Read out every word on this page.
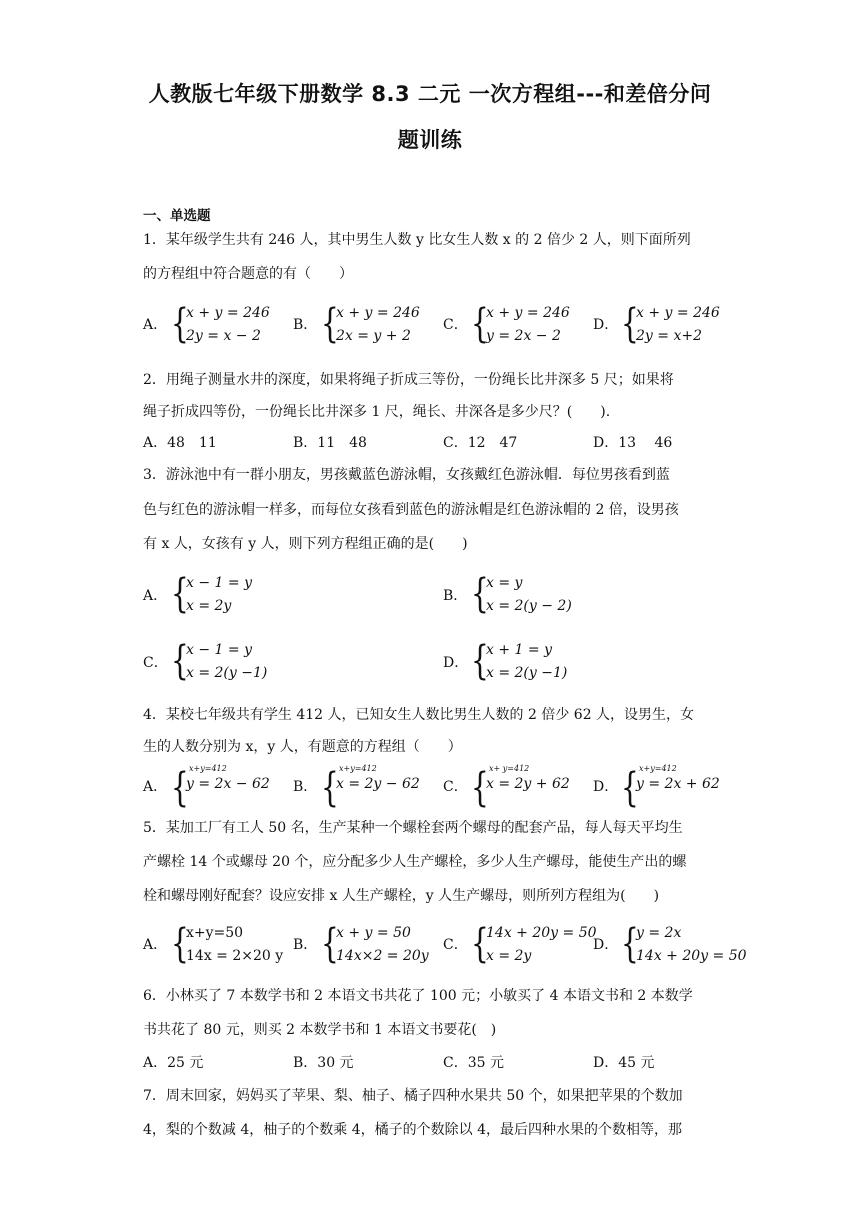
人教版七年级下册数学 8.3 二元 一次方程组---和差倍分问
题训练
一、单选题
1．某年级学生共有 246 人，其中男生人数 y 比女生人数 x 的 2 倍少 2 人，则下面所列
的方程组中符合题意的有（　　）
A． {
x + y = 246
2y = x − 2
B． {
x + y = 246
2x = y + 2
C． {
x + y = 246
y = 2x − 2
D． {
x + y = 246
2y = x+2
2．用绳子测量水井的深度，如果将绳子折成三等份，一份绳长比井深多 5 尺；如果将
绳子折成四等份，一份绳长比井深多 1 尺，绳长、井深各是多少尺？(　　).
A．48　11	B．11　48	C．12　47	D．13　 46
3．游泳池中有一群小朋友，男孩戴蓝色游泳帽，女孩戴红色游泳帽．每位男孩看到蓝
色与红色的游泳帽一样多，而每位女孩看到蓝色的游泳帽是红色游泳帽的 2 倍，设男孩
有 x 人，女孩有 y 人，则下列方程组正确的是(　　)
A． {
x − 1 = y
x = 2y
B． {
x = y
x = 2(y − 2)
C． {
x − 1 = y
x = 2(y −1)
D． {
x + 1 = y
x = 2(y −1)
4．某校七年级共有学生 412 人，已知女生人数比男生人数的 2 倍少 62 人，设男生，女
生的人数分别为 x，y 人，有题意的方程组（　　）
A． { x+y=412
y = 2x − 62 B． { x+y=412
x = 2y − 62 C． { x+ y=412
x = 2y + 62 D． { x+y=412
y = 2x + 62
5．某加工厂有工人 50 名，生产某种一个螺栓套两个螺母的配套产品，每人每天平均生
产螺栓 14 个或螺母 20 个，应分配多少人生产螺栓，多少人生产螺母，能使生产出的螺
栓和螺母刚好配套？设应安排 x 人生产螺栓，y 人生产螺母，则所列方程组为(　　)
A． {
x+y=50
14x = 2×20 y
B． {
x + y = 50
14x×2 = 20y
C． {
14x + 20y = 50
x = 2y
D． {
y = 2x
14x + 20y = 50
6．小林买了 7 本数学书和 2 本语文书共花了 100 元；小敏买了 4 本语文书和 2 本数学
书共花了 80 元，则买 2 本数学书和 1 本语文书要花(　)
A．25 元	B．30 元	C．35 元	D．45 元
7．周末回家，妈妈买了苹果、梨、柚子、橘子四种水果共 50 个，如果把苹果的个数加
4，梨的个数减 4，柚子的个数乘 4，橘子的个数除以 4，最后四种水果的个数相等，那
